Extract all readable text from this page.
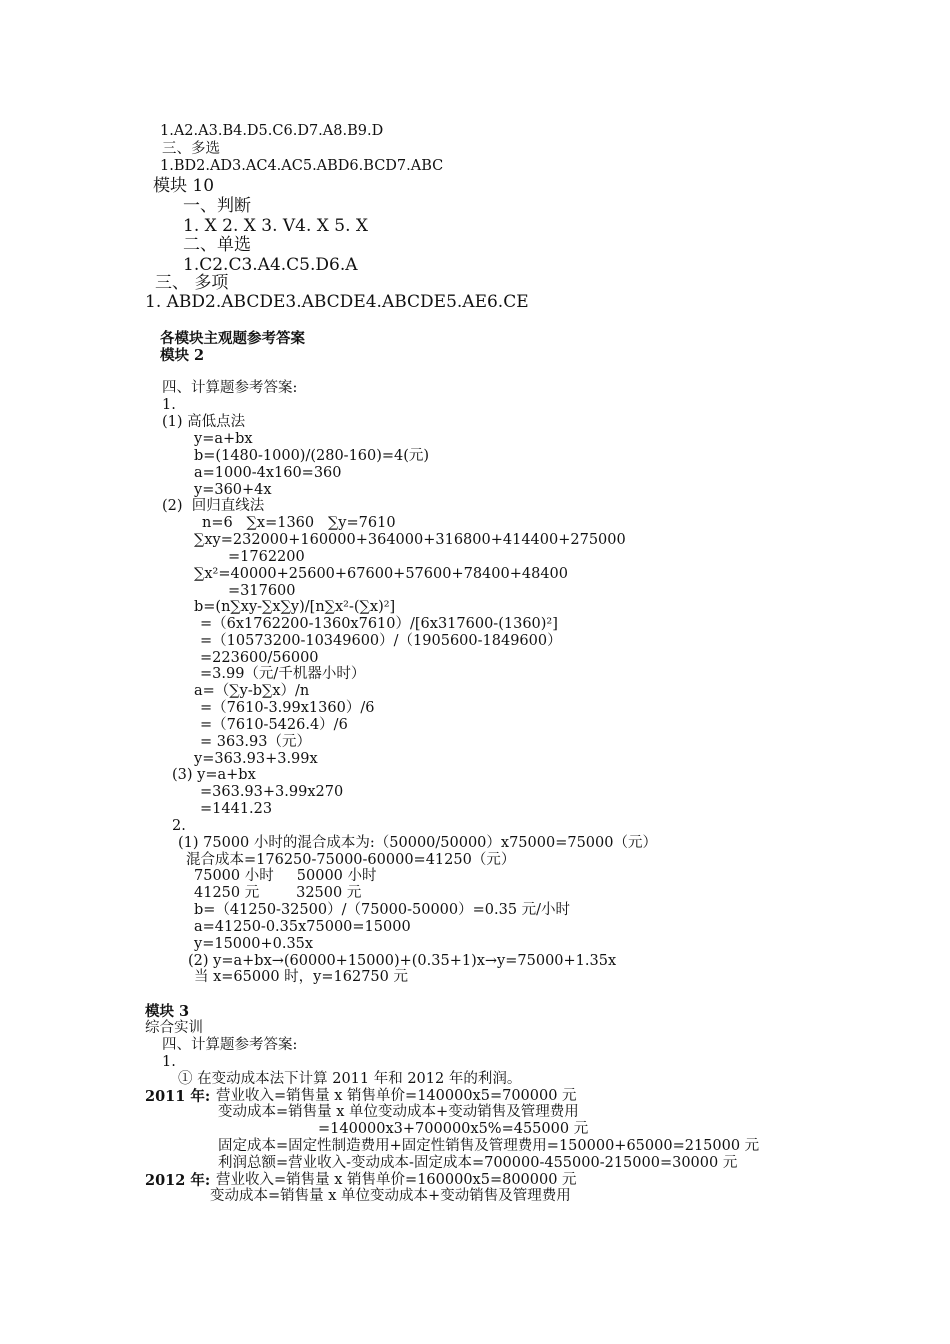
1.A2.A3.B4.D5.C6.D7.A8.B9.D
三、多选
1.BD2.AD3.AC4.AC5.ABD6.BCD7.ABC
模块 10
一、判断
1. X 2. X 3. V4. X 5. X
二、单选
1.C2.C3.A4.C5.D6.A
三、 多项
1. ABD2.ABCDE3.ABCDE4.ABCDE5.AE6.CE
各模块主观题参考答案
模块 2
四、计算题参考答案:
1.
(1) 高低点法
y=a+bx
b=(1480-1000)/(280-160)=4(元)
a=1000-4x160=360
y=360+4x
(2)  回归直线法
n=6   ∑x=1360   ∑y=7610
∑xy=232000+160000+364000+316800+414400+275000
=1762200
∑x²=40000+25600+67600+57600+78400+48400
=317600
b=(n∑xy-∑x∑y)/[n∑x²-(∑x)²]
=（6x1762200-1360x7610）/[6x317600-(1360)²]
=（10573200-10349600）/（1905600-1849600）
=223600/56000
=3.99（元/千机器小时）
a=（∑y-b∑x）/n
=（7610-3.99x1360）/6
=（7610-5426.4）/6
= 363.93（元）
y=363.93+3.99x
(3) y=a+bx
=363.93+3.99x270
=1441.23
2.
(1) 75000 小时的混合成本为:（50000/50000）x75000=75000（元）
混合成本=176250-75000-60000=41250（元）
75000 小时     50000 小时
41250 元        32500 元
b=（41250-32500）/（75000-50000）=0.35 元/小时
a=41250-0.35x75000=15000
y=15000+0.35x
(2) y=a+bx→(60000+15000)+(0.35+1)x→y=75000+1.35x
当 x=65000 时，y=162750 元
模块 3
综合实训
四、计算题参考答案:
1.
① 在变动成本法下计算 2011 年和 2012 年的利润。
2011 年: 营业收入=销售量 x 销售单价=140000x5=700000 元
变动成本=销售量 x 单位变动成本+变动销售及管理费用
=140000x3+700000x5%=455000 元
固定成本=固定性制造费用+固定性销售及管理费用=150000+65000=215000 元
利润总额=营业收入-变动成本-固定成本=700000-455000-215000=30000 元
2012 年: 营业收入=销售量 x 销售单价=160000x5=800000 元
变动成本=销售量 x 单位变动成本+变动销售及管理费用
